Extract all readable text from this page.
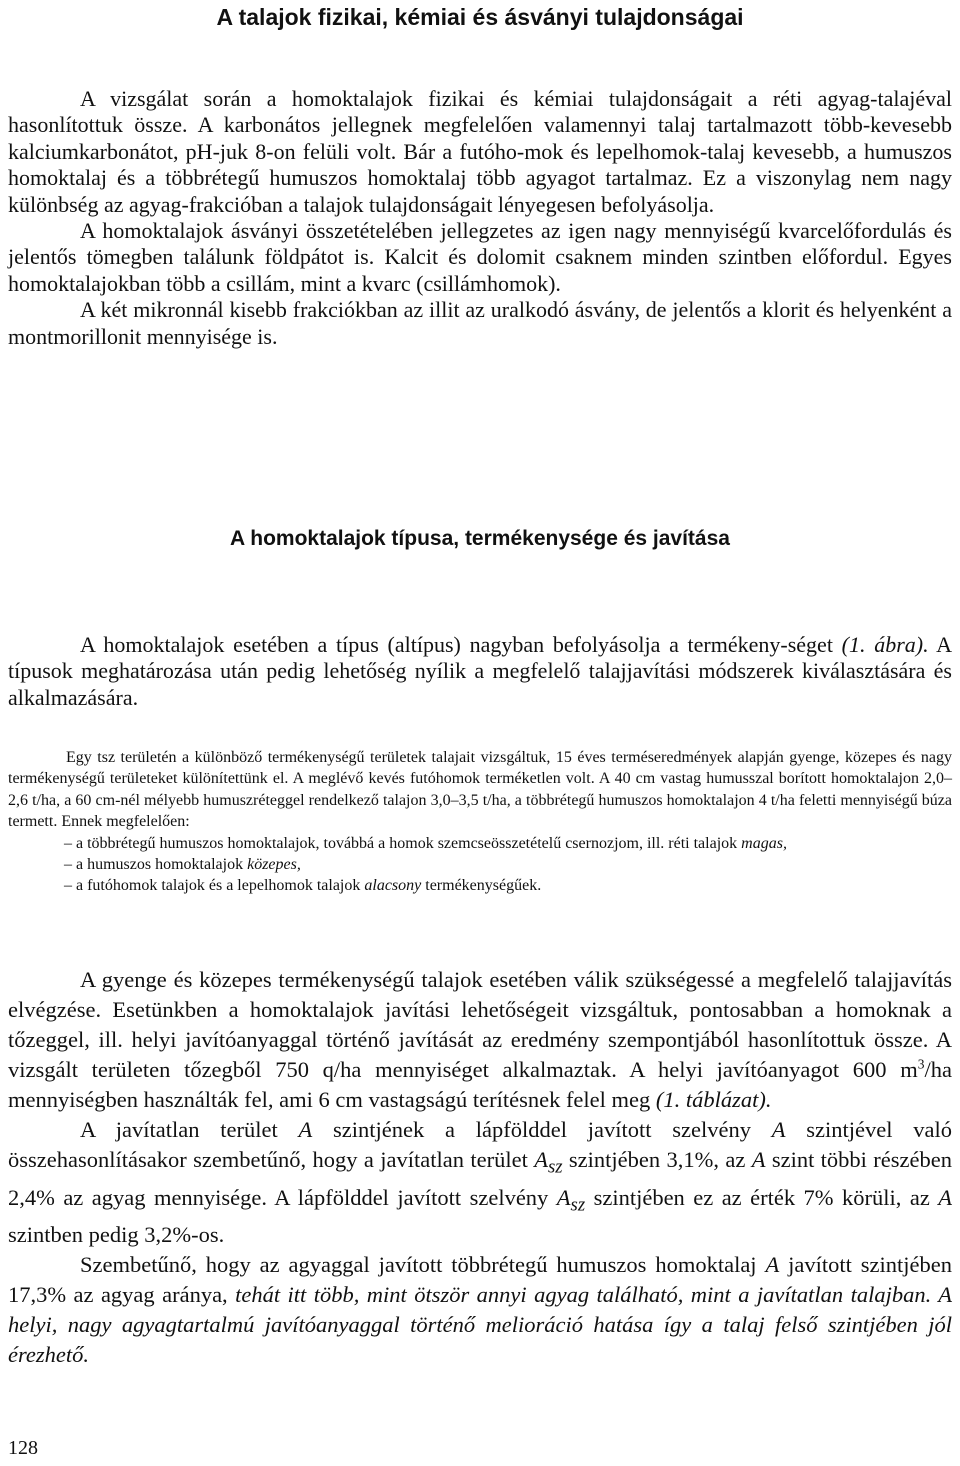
A talajok fizikai, kémiai és ásványi tulajdonságai

A vizsgálat során a homoktalajok fizikai és kémiai tulajdonságait a réti agyag-talajéval hasonlítottuk össze. A karbonátos jellegnek megfelelően valamennyi talaj tartalmazott több-kevesebb kalciumkarbonátot, pH-juk 8-on felüli volt. Bár a futóho-mok és lepelhomok-talaj kevesebb, a humuszos homoktalaj és a többrétegű humuszos homoktalaj több agyagot tartalmaz. Ez a viszonylag nem nagy különbség az agyag-frakcióban a talajok tulajdonságait lényegesen befolyásolja.

A homoktalajok ásványi összetételében jellegzetes az igen nagy mennyiségű kvarcelőfordulás és jelentős tömegben találunk földpátot is. Kalcit és dolomit csaknem minden szintben előfordul. Egyes homoktalajokban több a csillám, mint a kvarc (csillámhomok).

A két mikronnál kisebb frakciókban az illit az uralkodó ásvány, de jelentős a klorit és helyenként a montmorillonit mennyisége is.

A homoktalajok típusa, termékenysége és javítása

A homoktalajok esetében a típus (altípus) nagyban befolyásolja a termékeny-séget (1. ábra). A típusok meghatározása után pedig lehetőség nyílik a megfelelő talajjavítási módszerek kiválasztására és alkalmazására.

Egy tsz területén a különböző termékenységű területek talajait vizsgáltuk, 15 éves terméseredmények alapján gyenge, közepes és nagy termékenységű területeket különítettünk el. A meglévő kevés futóhomok terméketlen volt. A 40 cm vastag humusszal borított homoktalajon 2,0–2,6 t/ha, a 60 cm-nél mélyebb humuszréteggel rendelkező talajon 3,0–3,5 t/ha, a többrétegű humuszos homoktalajon 4 t/ha feletti mennyiségű búza termett. Ennek megfelelően:

– a többrétegű humuszos homoktalajok, továbbá a homok szemcseösszetételű csernozjom, ill. réti talajok magas,

– a humuszos homoktalajok közepes,

– a futóhomok talajok és a lepelhomok talajok alacsony termékenységűek.

A gyenge és közepes termékenységű talajok esetében válik szükségessé a megfelelő talajjavítás elvégzése. Esetünkben a homoktalajok javítási lehetőségeit vizsgáltuk, pontosabban a homoknak a tőzeggel, ill. helyi javítóanyaggal történő javítását az eredmény szempontjából hasonlítottuk össze. A vizsgált területen tőzegből 750 q/ha mennyiséget alkalmaztak. A helyi javítóanyagot 600 $m^3/ha$ mennyiségben használták fel, ami 6 cm vastagságú terítésnek felel meg (1. táblázat).

A javítatlan terület A szintjének a lápfölddel javított szelvény A szintjével való összehasonlításakor szembetűnő, hogy a javítatlan terület $A_{sz}$ szintjében 3,1%, az A szint többi részében 2,4% az agyag mennyisége. A lápfölddel javított szelvény $A_{sz}$ szintjében ez az érték 7% körüli, az A szintben pedig 3,2%-os.

Szembetűnő, hogy az agyaggal javított többrétegű humuszos homoktalaj A javított szintjében 17,3% az agyag aránya, tehát itt több, mint ötször annyi agyag található, mint a javítatlan talajban. A helyi, nagy agyagtartalmú javítóanyaggal történő melioráció hatása így a talaj felső szintjében jól érezhető.

128
